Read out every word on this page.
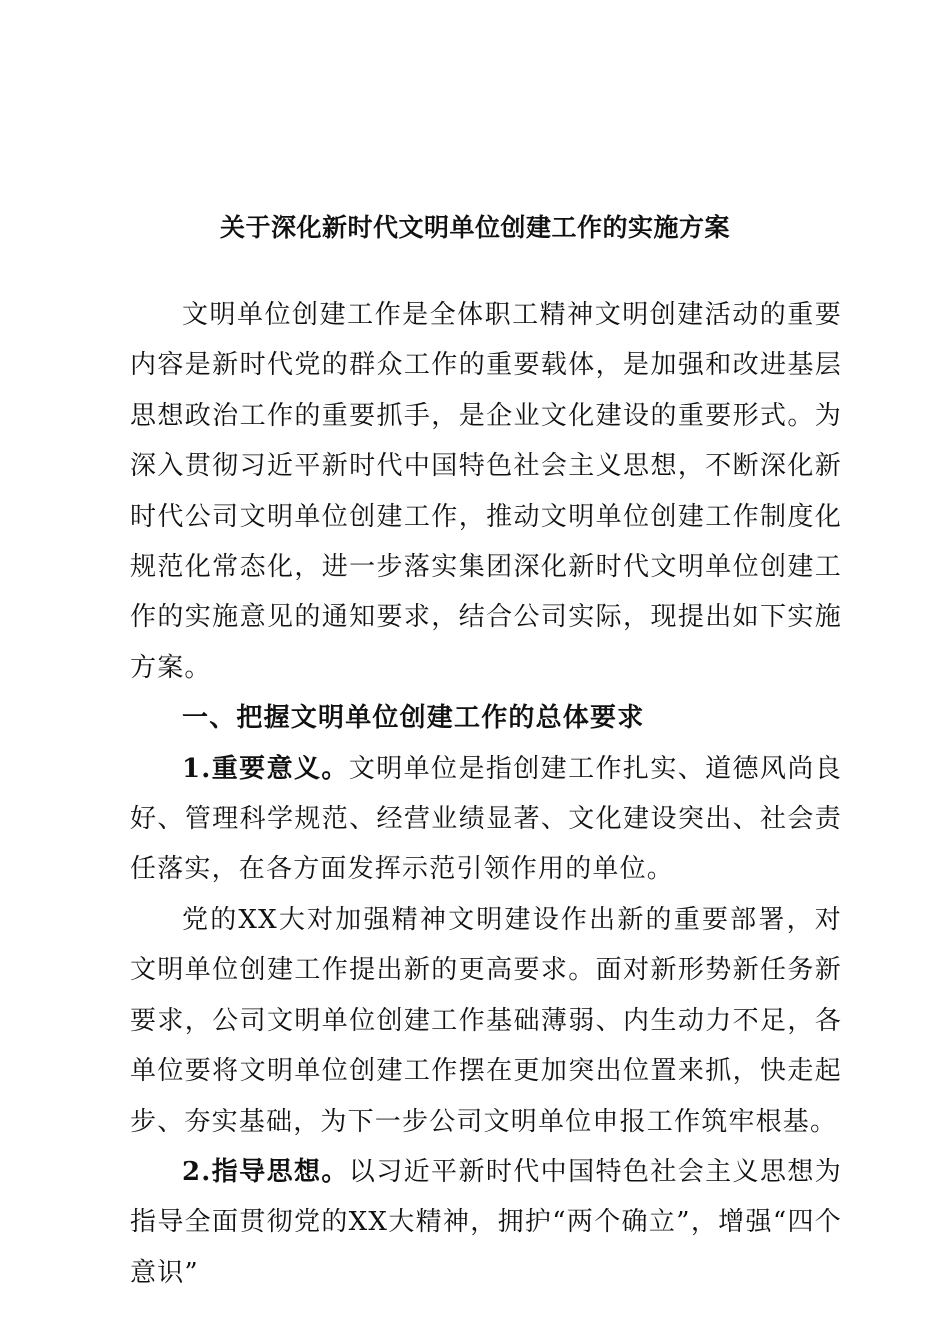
关于深化新时代文明单位创建工作的实施方案

文明单位创建工作是全体职工精神文明创建活动的重要内容是新时代党的群众工作的重要载体，是加强和改进基层思想政治工作的重要抓手，是企业文化建设的重要形式。为深入贯彻习近平新时代中国特色社会主义思想，不断深化新时代公司文明单位创建工作，推动文明单位创建工作制度化规范化常态化，进一步落实集团深化新时代文明单位创建工作的实施意见的通知要求，结合公司实际，现提出如下实施方案。

一、把握文明单位创建工作的总体要求

1.重要意义。文明单位是指创建工作扎实、道德风尚良好、管理科学规范、经营业绩显著、文化建设突出、社会责任落实，在各方面发挥示范引领作用的单位。

党的XX大对加强精神文明建设作出新的重要部署，对文明单位创建工作提出新的更高要求。面对新形势新任务新要求，公司文明单位创建工作基础薄弱、内生动力不足，各单位要将文明单位创建工作摆在更加突出位置来抓，快走起步、夯实基础，为下一步公司文明单位申报工作筑牢根基。

2.指导思想。以习近平新时代中国特色社会主义思想为指导全面贯彻党的XX大精神，拥护“两个确立”，增强“四个意识”
